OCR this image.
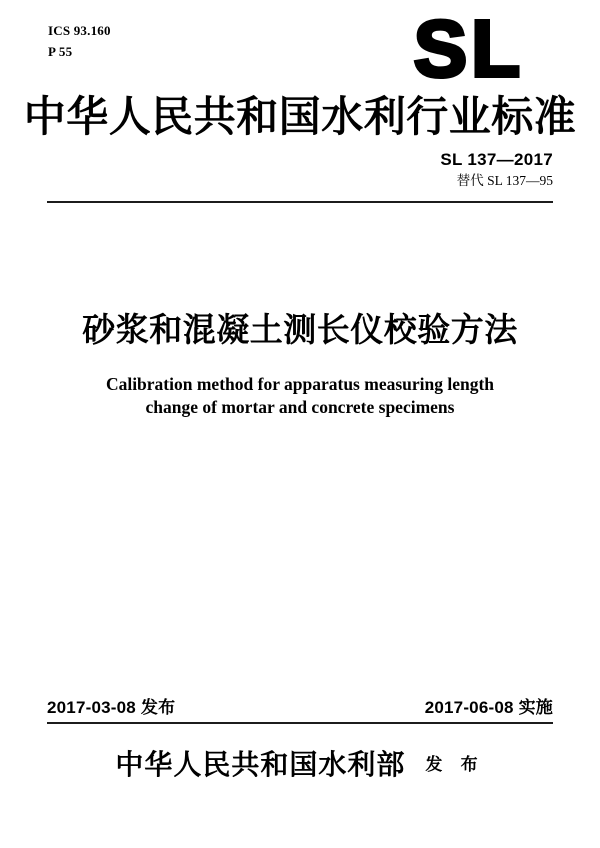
ICS 93.160
P 55	SL
中华人民共和国水利行业标准
SL 137—2017
替代 SL 137—95
砂浆和混凝土测长仪校验方法
Calibration method for apparatus measuring length
change of mortar and concrete specimens
2017-03-08 发布	2017-06-08 实施
中华人民共和国水利部 发 布
